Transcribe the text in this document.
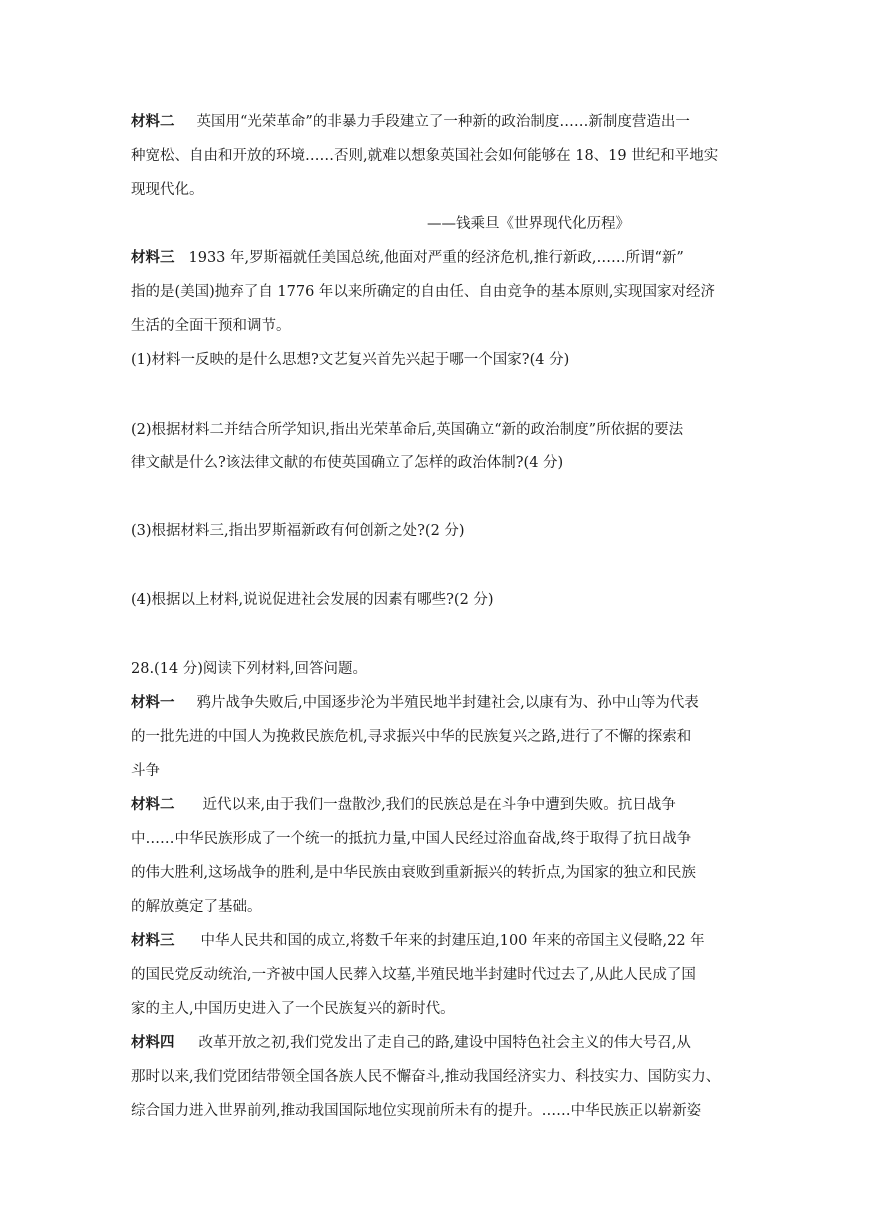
材料二 英国用“光荣革命”的非暴力手段建立了一种新的政治制度……新制度营造出一
种宽松、自由和开放的环境……否则,就难以想象英国社会如何能够在 18、19 世纪和平地实
现现代化。
——钱乘旦《世界现代化历程》
材料三 1933 年,罗斯福就任美国总统,他面对严重的经济危机,推行新政,……所谓“新”
指的是(美国)抛弃了自 1776 年以来所确定的自由任、自由竞争的基本原则,实现国家对经济
生活的全面干预和调节。
(1)材料一反映的是什么思想?文艺复兴首先兴起于哪一个国家?(4 分)
(2)根据材料二并结合所学知识,指出光荣革命后,英国确立“新的政治制度”所依据的要法
律文献是什么?该法律文献的布使英国确立了怎样的政治体制?(4 分)
(3)根据材料三,指出罗斯福新政有何创新之处?(2 分)
(4)根据以上材料,说说促进社会发展的因素有哪些?(2 分)
28.(14 分)阅读下列材料,回答问题。
材料一 鸦片战争失败后,中国逐步沦为半殖民地半封建社会,以康有为、孙中山等为代表
的一批先进的中国人为挽救民族危机,寻求振兴中华的民族复兴之路,进行了不懈的探索和
斗争
材料二 近代以来,由于我们一盘散沙,我们的民族总是在斗争中遭到失败。抗日战争
中……中华民族形成了一个统一的抵抗力量,中国人民经过浴血奋战,终于取得了抗日战争
的伟大胜利,这场战争的胜利,是中华民族由衰败到重新振兴的转折点,为国家的独立和民族
的解放奠定了基础。
材料三 中华人民共和国的成立,将数千年来的封建压迫,100 年来的帝国主义侵略,22 年
的国民党反动统治,一齐被中国人民葬入坟墓,半殖民地半封建时代过去了,从此人民成了国
家的主人,中国历史进入了一个民族复兴的新时代。
材料四 改革开放之初,我们党发出了走自己的路,建设中国特色社会主义的伟大号召,从
那时以来,我们党团结带领全国各族人民不懈奋斗,推动我国经济实力、科技实力、国防实力、
综合国力进入世界前列,推动我国国际地位实现前所未有的提升。……中华民族正以崭新姿
